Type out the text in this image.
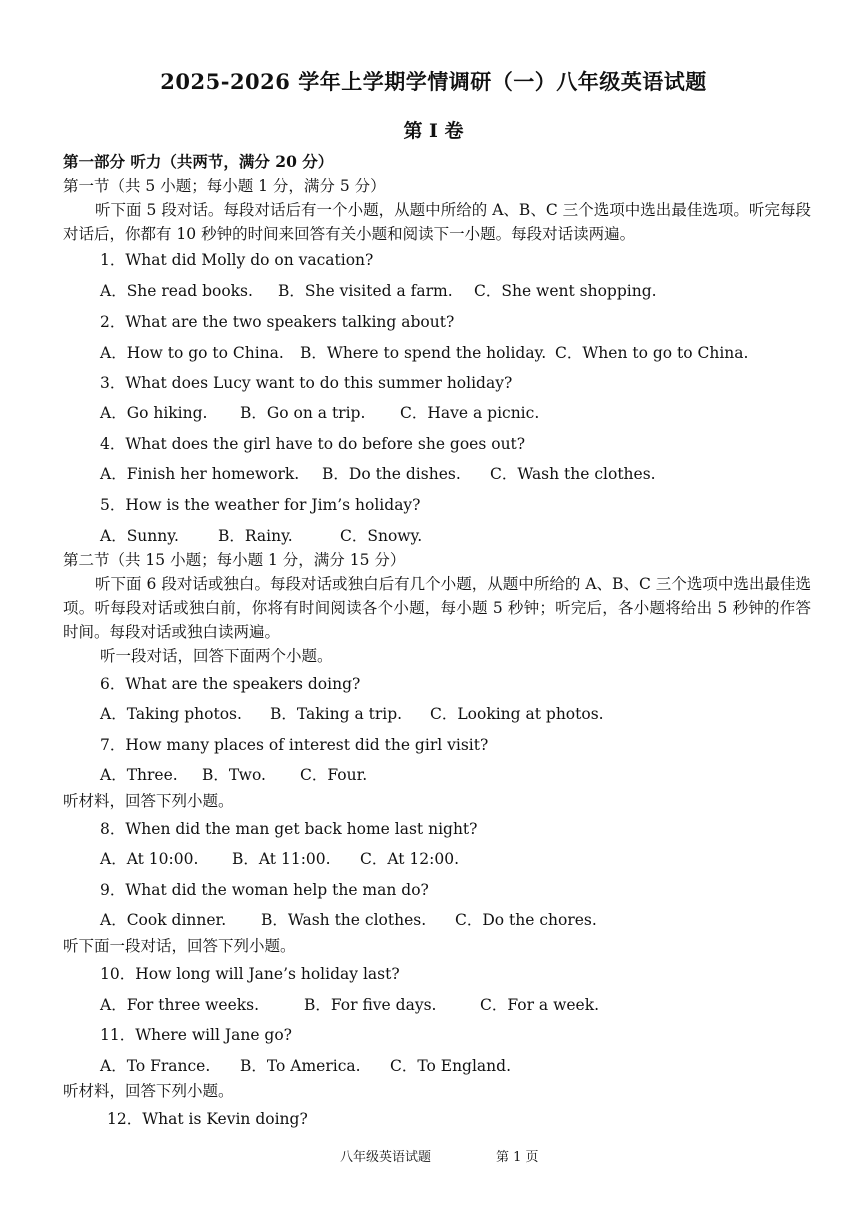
2025-2026 学年上学期学情调研（一）八年级英语试题
第 I 卷
第一部分 听力（共两节，满分 20 分）
第一节（共 5 小题；每小题 1 分，满分 5 分）
听下面 5 段对话。每段对话后有一个小题，从题中所给的 A、B、C 三个选项中选出最佳选项。听完每段对话后，你都有 10 秒钟的时间来回答有关小题和阅读下一小题。每段对话读两遍。
1．What did Molly do on vacation?
A．She read books. B．She visited a farm. C．She went shopping.
2．What are the two speakers talking about?
A．How to go to China. B．Where to spend the holiday. C．When to go to China.
3．What does Lucy want to do this summer holiday?
A．Go hiking. B．Go on a trip. C．Have a picnic.
4．What does the girl have to do before she goes out?
A．Finish her homework. B．Do the dishes. C．Wash the clothes.
5．How is the weather for Jim’s holiday?
A．Sunny.	B．Rainy.	C．Snowy.
第二节（共 15 小题；每小题 1 分，满分 15 分）
听下面 6 段对话或独白。每段对话或独白后有几个小题，从题中所给的 A、B、C 三个选项中选出最佳选项。听每段对话或独白前，你将有时间阅读各个小题，每小题 5 秒钟；听完后，各小题将给出 5 秒钟的作答时间。每段对话或独白读两遍。
听一段对话，回答下面两个小题。
6．What are the speakers doing?
A．Taking photos. B．Taking a trip. C．Looking at photos.
7．How many places of interest did the girl visit?
A．Three. B．Two. C．Four.
听材料，回答下列小题。
8．When did the man get back home last night?
A．At 10:00. B．At 11:00. C．At 12:00.
9．What did the woman help the man do?
A．Cook dinner. B．Wash the clothes. C．Do the chores.
听下面一段对话，回答下列小题。
10．How long will Jane’s holiday last?
A．For three weeks.	B．For five days.	C．For a week.
11．Where will Jane go?
A．To France. B．To America. C．To England.
听材料，回答下列小题。
12．What is Kevin doing?
八年级英语试题	第 1 页
